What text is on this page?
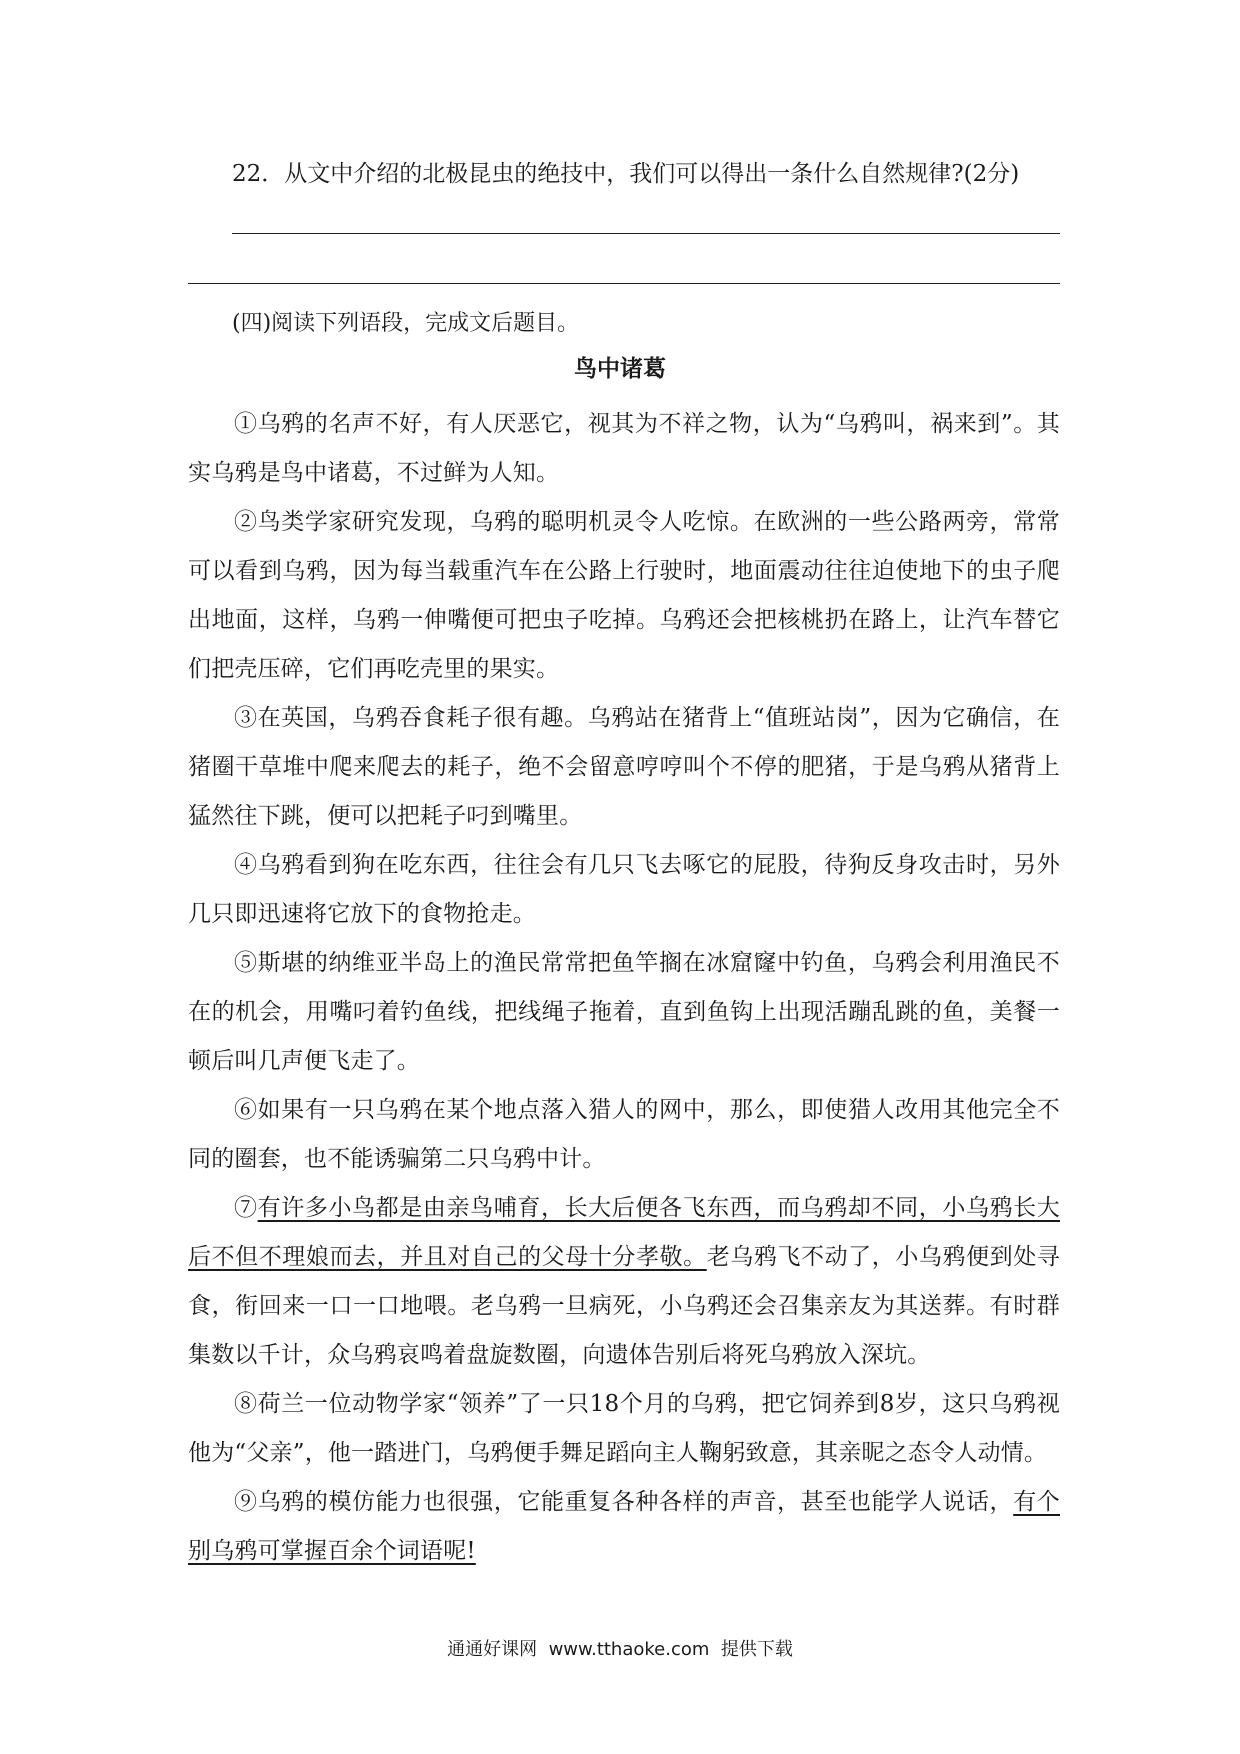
22．从文中介绍的北极昆虫的绝技中，我们可以得出一条什么自然规律?(2分)
(四)阅读下列语段，完成文后题目。
鸟中诸葛

①乌鸦的名声不好，有人厌恶它，视其为不祥之物，认为“乌鸦叫，祸来到”。其实乌鸦是鸟中诸葛，不过鲜为人知。

②鸟类学家研究发现，乌鸦的聪明机灵令人吃惊。在欧洲的一些公路两旁，常常可以看到乌鸦，因为每当载重汽车在公路上行驶时，地面震动往往迫使地下的虫子爬出地面，这样，乌鸦一伸嘴便可把虫子吃掉。乌鸦还会把核桃扔在路上，让汽车替它们把壳压碎，它们再吃壳里的果实。

③在英国，乌鸦吞食耗子很有趣。乌鸦站在猪背上“值班站岗”，因为它确信，在猪圈干草堆中爬来爬去的耗子，绝不会留意哼哼叫个不停的肥猪，于是乌鸦从猪背上猛然往下跳，便可以把耗子叼到嘴里。

④乌鸦看到狗在吃东西，往往会有几只飞去啄它的屁股，待狗反身攻击时，另外几只即迅速将它放下的食物抢走。

⑤斯堪的纳维亚半岛上的渔民常常把鱼竿搁在冰窟窿中钓鱼，乌鸦会利用渔民不在的机会，用嘴叼着钓鱼线，把线绳子拖着，直到鱼钩上出现活蹦乱跳的鱼，美餐一顿后叫几声便飞走了。

⑥如果有一只乌鸦在某个地点落入猎人的网中，那么，即使猎人改用其他完全不同的圈套，也不能诱骗第二只乌鸦中计。

⑦有许多小鸟都是由亲鸟哺育，长大后便各飞东西，而乌鸦却不同，小乌鸦长大后不但不理娘而去，并且对自己的父母十分孝敬。老乌鸦飞不动了，小乌鸦便到处寻食，衔回来一口一口地喂。老乌鸦一旦病死，小乌鸦还会召集亲友为其送葬。有时群集数以千计，众乌鸦哀鸣着盘旋数圈，向遗体告别后将死乌鸦放入深坑。

⑧荷兰一位动物学家“领养”了一只18个月的乌鸦，把它饲养到8岁，这只乌鸦视他为“父亲”，他一踏进门，乌鸦便手舞足蹈向主人鞠躬致意，其亲昵之态令人动情。

⑨乌鸦的模仿能力也很强，它能重复各种各样的声音，甚至也能学人说话，有个别乌鸦可掌握百余个词语呢!

通通好课网  www.tthaoke.com  提供下载
